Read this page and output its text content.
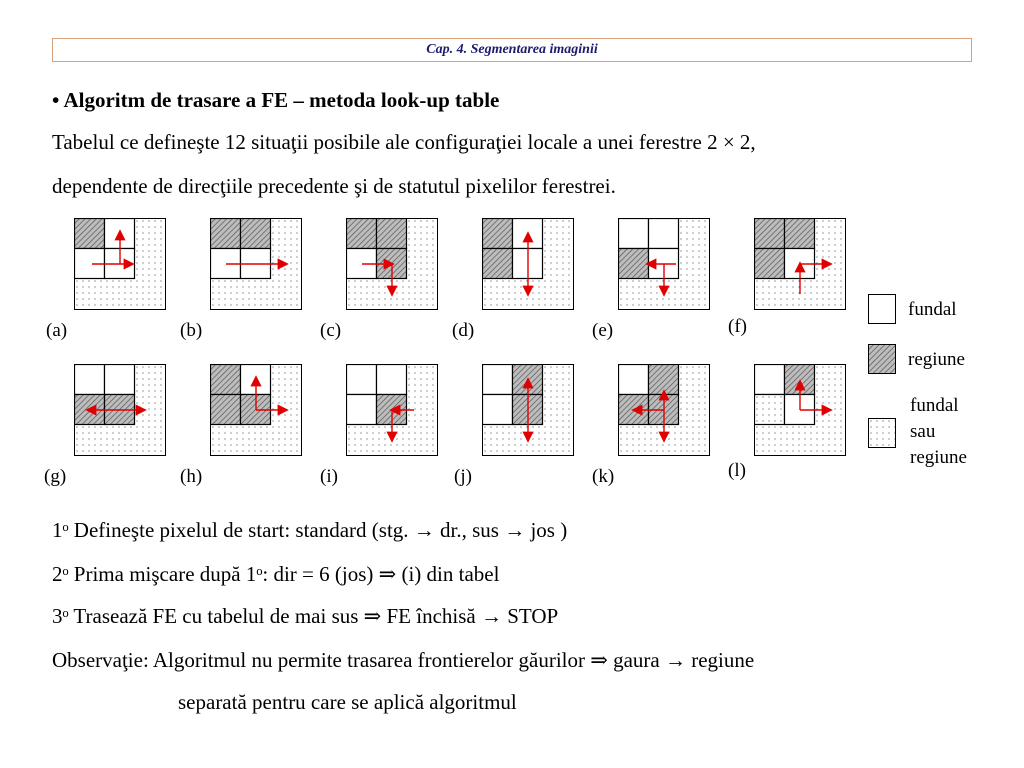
Cap. 4. Segmentarea imaginii
• Algoritm de trasare a FE – metoda look-up table
Tabelul ce defineşte 12 situaţii posibile ale configuraţiei locale a unei ferestre 2 × 2,
dependente de direcţiile precedente şi de statutul pixelilor ferestrei.
(a)	(b)	(c)	(d)	(e)	(f)
(g)	(h)	(i)	(j)	(k)	(l)
fundal
regiune
fundal
sau
regiune
1ᵒ Defineşte pixelul de start: standard (stg. → dr., sus → jos )
2ᵒ Prima mişcare după 1ᵒ: dir = 6 (jos) ⇒ (i) din tabel
3ᵒ Trasează FE cu tabelul de mai sus ⇒ FE închisă → STOP
Observaţie: Algoritmul nu permite trasarea frontierelor găurilor ⇒ gaura → regiune
separată pentru care se aplică algoritmul
